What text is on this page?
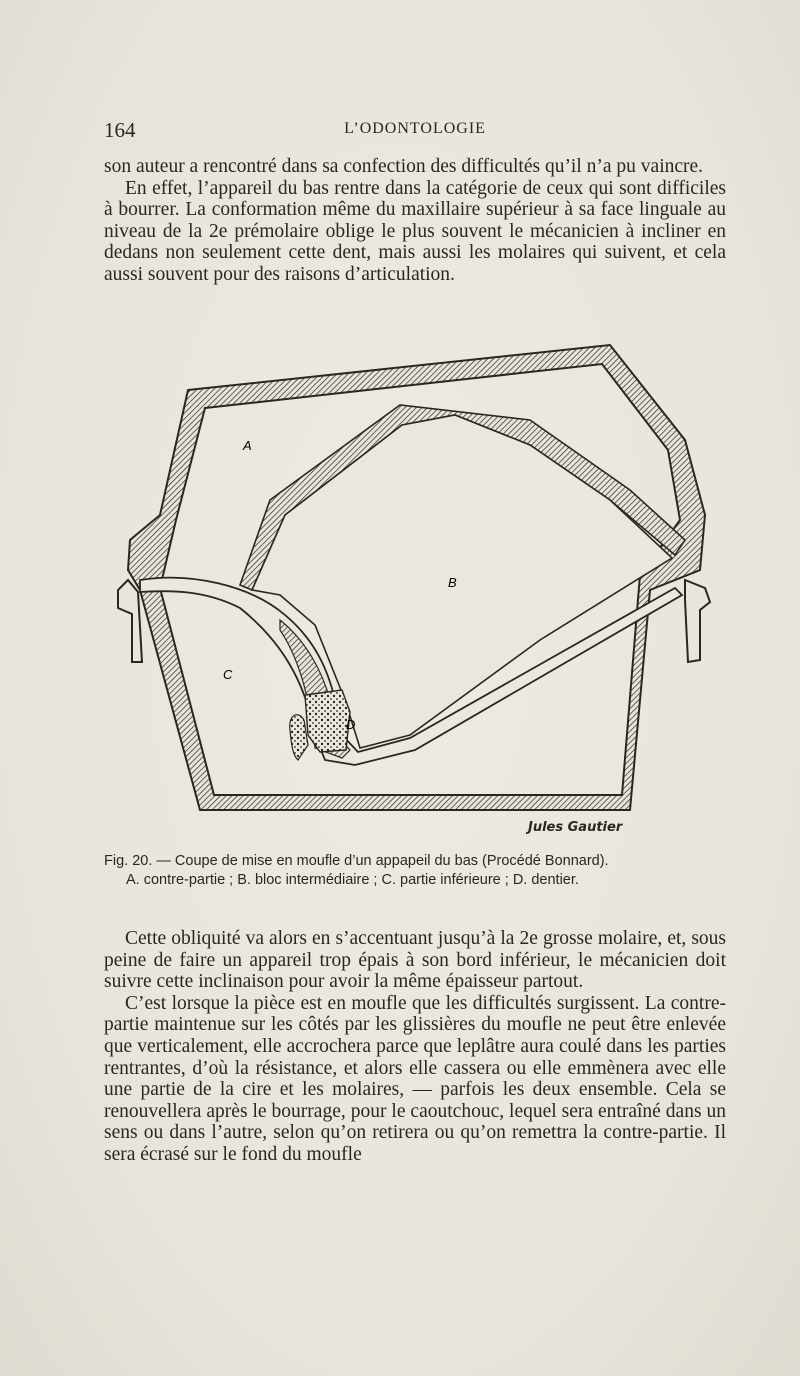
164	L’ODONTOLOGIE
son auteur a rencontré dans sa confection des difficultés qu’il n’a pu vaincre.
En effet, l’appareil du bas rentre dans la catégorie de ceux qui sont difficiles à bourrer. La conformation même du maxillaire supérieur à sa face linguale au niveau de la 2e prémolaire oblige le plus souvent le mécanicien à incliner en dedans non seulement cette dent, mais aussi les molaires qui suivent, et cela aussi souvent pour des raisons d’articulation.
A
B
C
D
Jules Gautier

Fig. 20. — Coupe de mise en moufle d’un appapeil du bas (Procédé Bonnard).
A. contre-partie ; B. bloc intermédiaire ; C. partie inférieure ; D. dentier.

Cette obliquité va alors en s’accentuant jusqu’à la 2e grosse molaire, et, sous peine de faire un appareil trop épais à son bord inférieur, le mécanicien doit suivre cette inclinaison pour avoir la même épaisseur partout.
C’est lorsque la pièce est en moufle que les difficultés surgissent. La contre-partie maintenue sur les côtés par les glissières du moufle ne peut être enlevée que verticalement, elle accrochera parce que leplâtre aura coulé dans les parties rentrantes, d’où la résistance, et alors elle cassera ou elle emmènera avec elle une partie de la cire et les molaires, — parfois les deux ensemble. Cela se renouvellera après le bourrage, pour le caoutchouc, lequel sera entraîné dans un sens ou dans l’autre, selon qu’on retirera ou qu’on remettra la contre-partie. Il sera écrasé sur le fond du moufle
